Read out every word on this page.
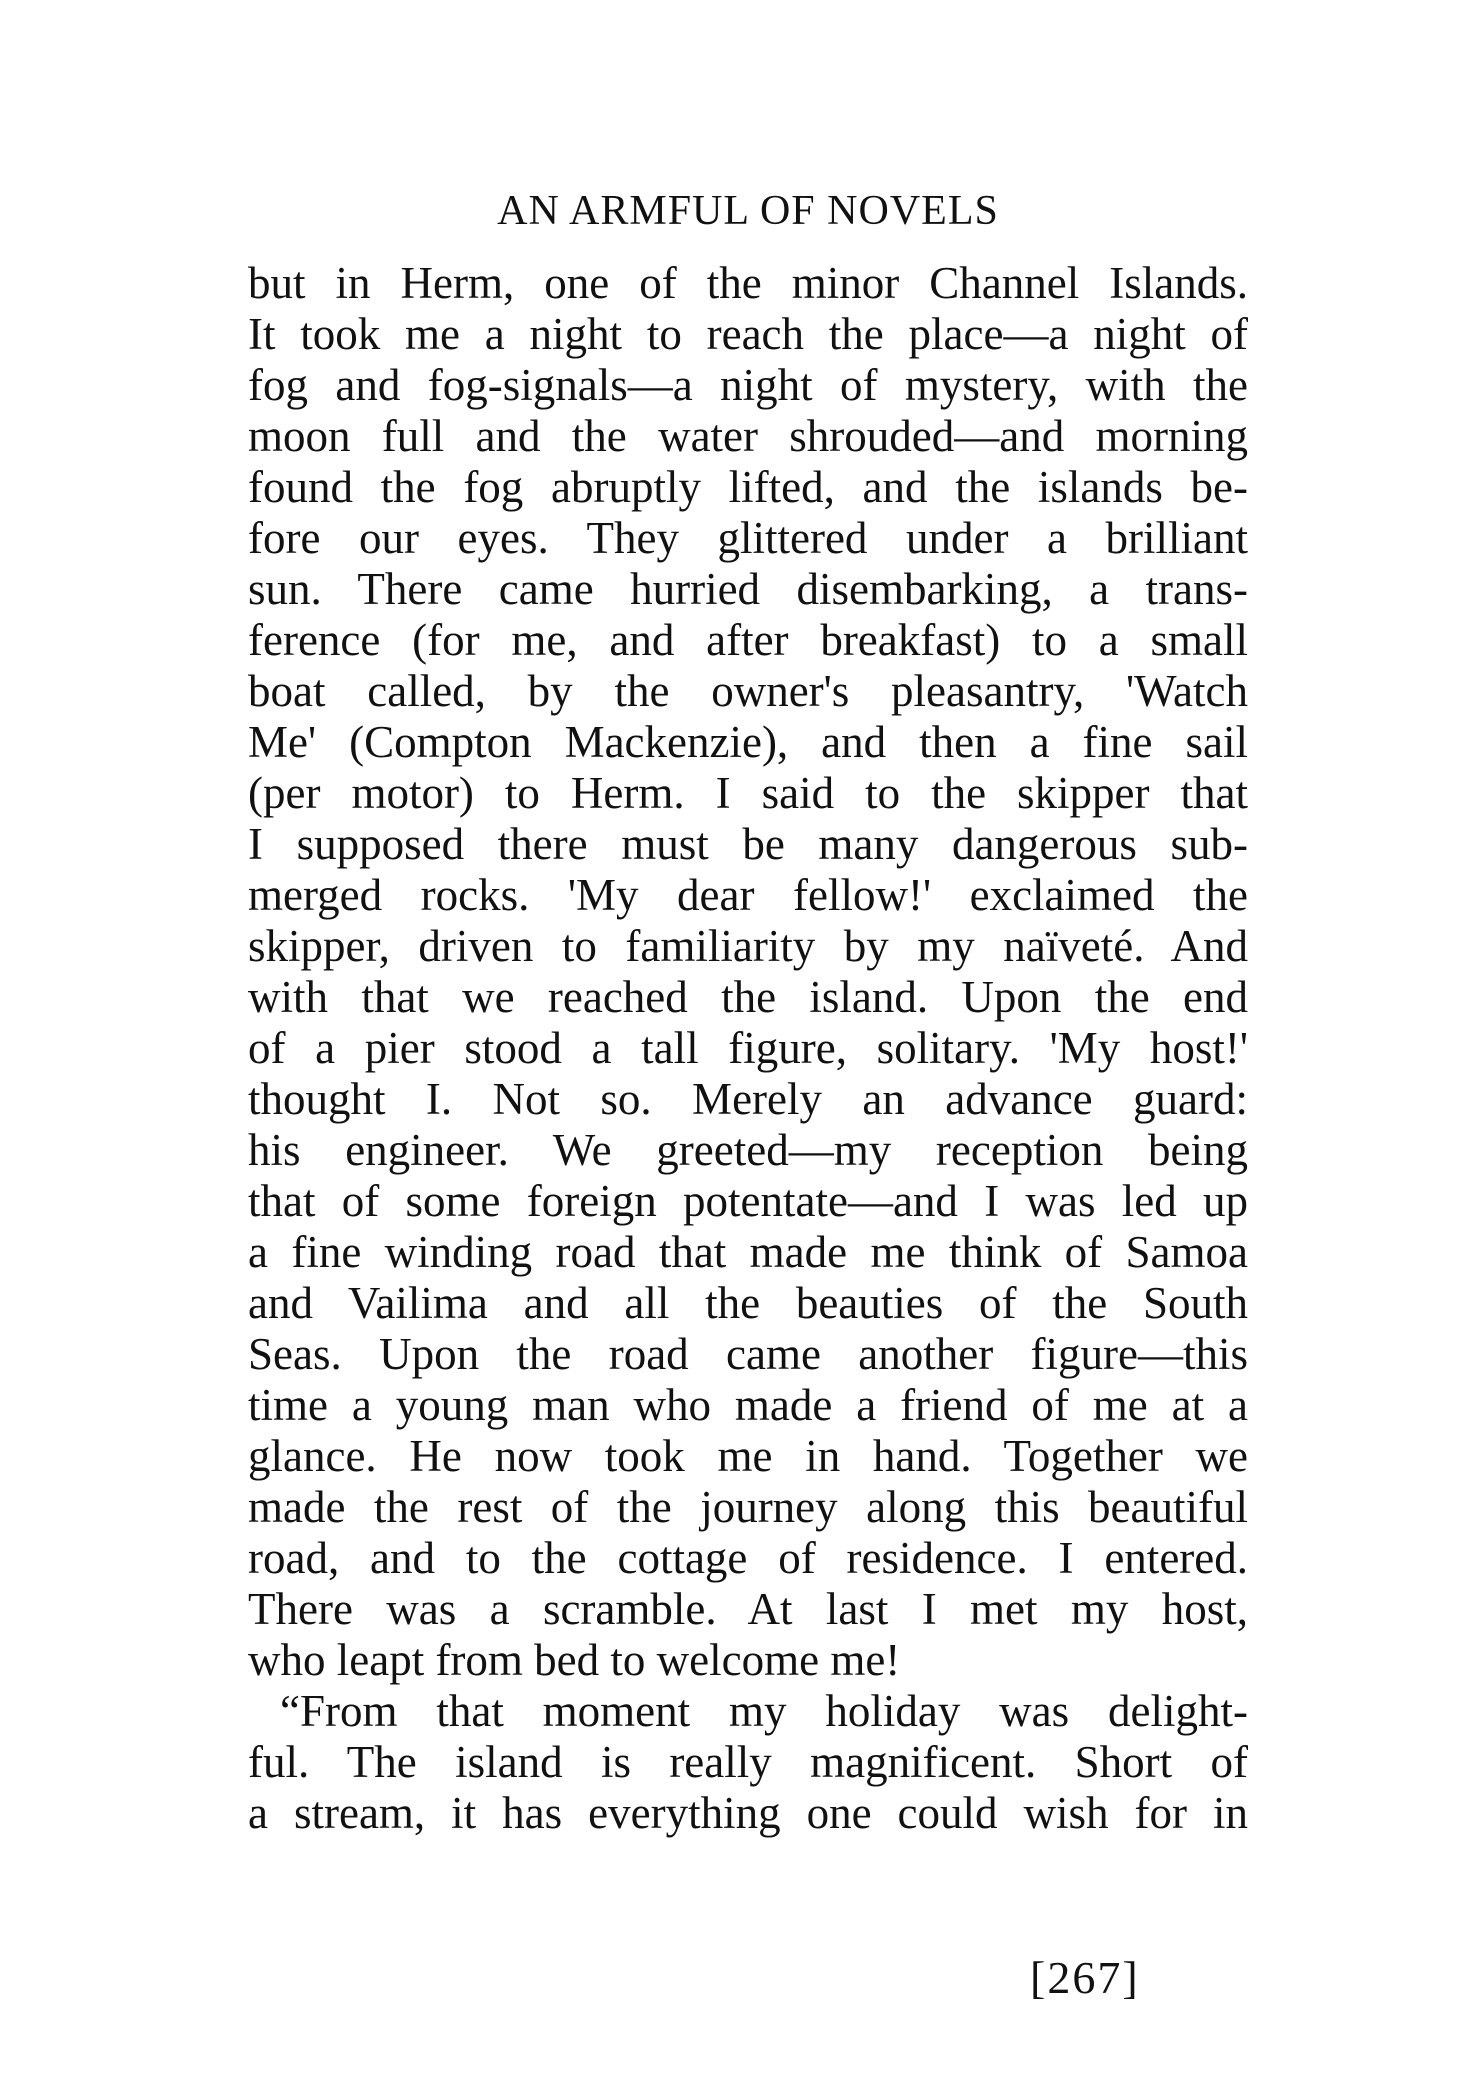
AN ARMFUL OF NOVELS
but in Herm, one of the minor Channel Islands.
It took me a night to reach the place—a night of
fog and fog-signals—a night of mystery, with the
moon full and the water shrouded—and morning
found the fog abruptly lifted, and the islands be-
fore our eyes. They glittered under a brilliant
sun. There came hurried disembarking, a trans-
ference (for me, and after breakfast) to a small
boat called, by the owner's pleasantry, 'Watch
Me' (Compton Mackenzie), and then a fine sail
(per motor) to Herm. I said to the skipper that
I supposed there must be many dangerous sub-
merged rocks. 'My dear fellow!' exclaimed the
skipper, driven to familiarity by my naïveté. And
with that we reached the island. Upon the end
of a pier stood a tall figure, solitary. 'My host!'
thought I. Not so. Merely an advance guard:
his engineer. We greeted—my reception being
that of some foreign potentate—and I was led up
a fine winding road that made me think of Samoa
and Vailima and all the beauties of the South
Seas. Upon the road came another figure—this
time a young man who made a friend of me at a
glance. He now took me in hand. Together we
made the rest of the journey along this beautiful
road, and to the cottage of residence. I entered.
There was a scramble. At last I met my host,
who leapt from bed to welcome me!
“From that moment my holiday was delight-
ful. The island is really magnificent. Short of
a stream, it has everything one could wish for in
[267]
